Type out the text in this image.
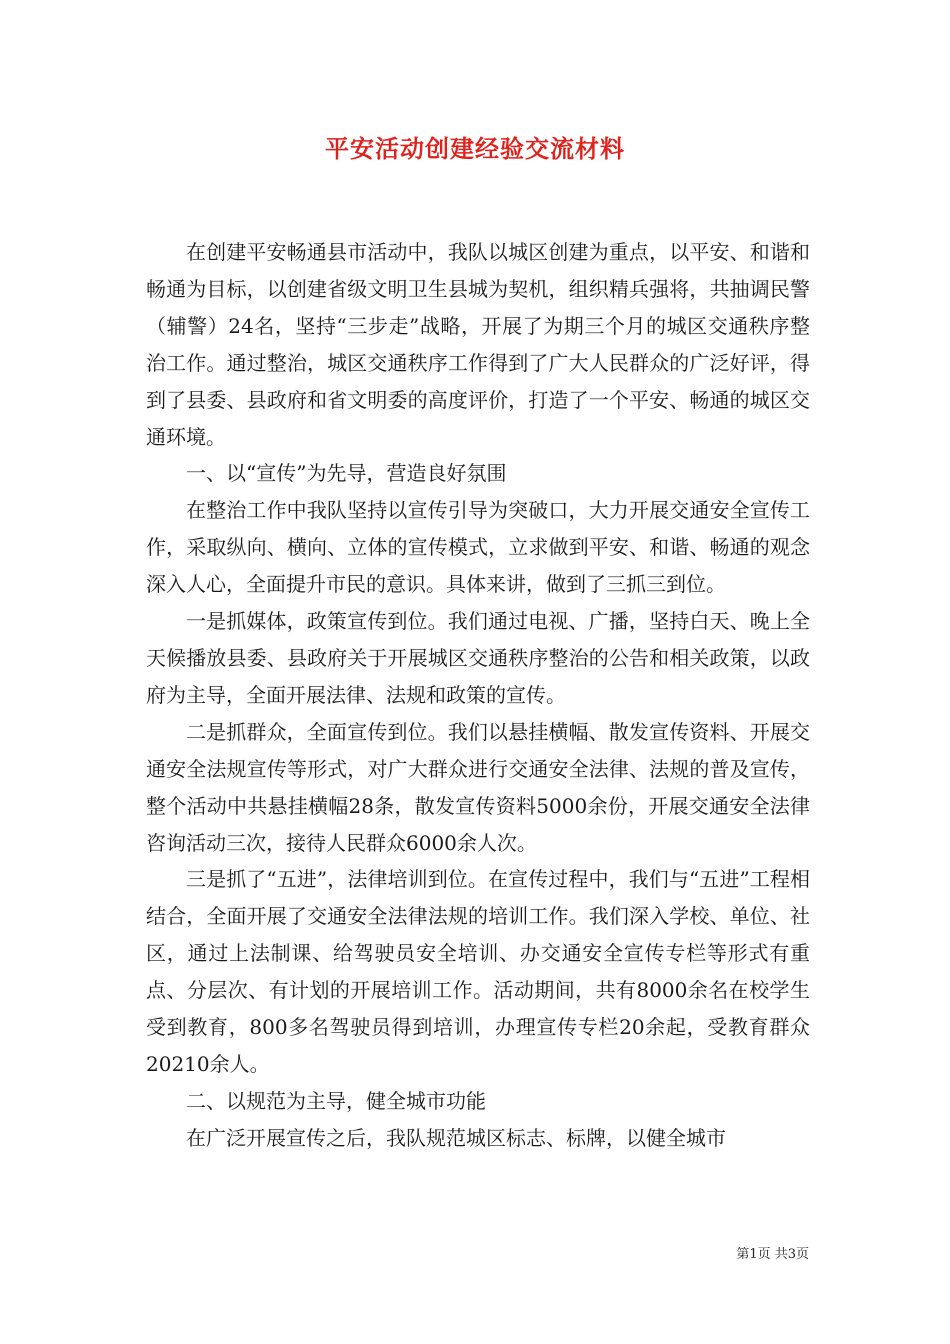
平安活动创建经验交流材料

在创建平安畅通县市活动中，我队以城区创建为重点，以平安、和谐和畅通为目标，以创建省级文明卫生县城为契机，组织精兵强将，共抽调民警（辅警）24名，坚持“三步走”战略，开展了为期三个月的城区交通秩序整治工作。通过整治，城区交通秩序工作得到了广大人民群众的广泛好评，得到了县委、县政府和省文明委的高度评价，打造了一个平安、畅通的城区交通环境。

一、以“宣传”为先导，营造良好氛围

在整治工作中我队坚持以宣传引导为突破口，大力开展交通安全宣传工作，采取纵向、横向、立体的宣传模式，立求做到平安、和谐、畅通的观念深入人心，全面提升市民的意识。具体来讲，做到了三抓三到位。

一是抓媒体，政策宣传到位。我们通过电视、广播，坚持白天、晚上全天候播放县委、县政府关于开展城区交通秩序整治的公告和相关政策，以政府为主导，全面开展法律、法规和政策的宣传。

二是抓群众，全面宣传到位。我们以悬挂横幅、散发宣传资料、开展交通安全法规宣传等形式，对广大群众进行交通安全法律、法规的普及宣传，整个活动中共悬挂横幅28条，散发宣传资料5000余份，开展交通安全法律咨询活动三次，接待人民群众6000余人次。

三是抓了“五进”，法律培训到位。在宣传过程中，我们与“五进”工程相结合，全面开展了交通安全法律法规的培训工作。我们深入学校、单位、社区，通过上法制课、给驾驶员安全培训、办交通安全宣传专栏等形式有重点、分层次、有计划的开展培训工作。活动期间，共有8000余名在校学生受到教育，800多名驾驶员得到培训，办理宣传专栏20余起，受教育群众20210余人。

二、以规范为主导，健全城市功能

在广泛开展宣传之后，我队规范城区标志、标牌，以健全城市

第1页 共3页
